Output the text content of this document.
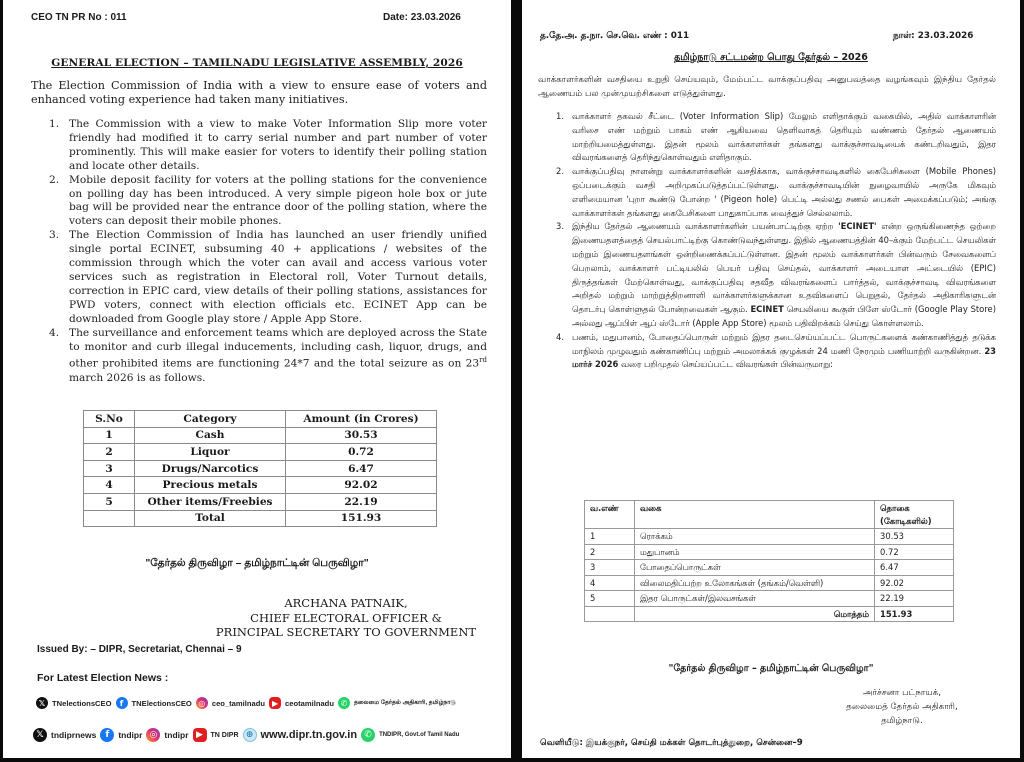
CEO TN PR No : 011	Date: 23.03.2026
GENERAL ELECTION – TAMILNADU LEGISLATIVE ASSEMBLY, 2026

The Election Commission of India with a view to ensure ease of voters and enhanced voting experience had taken many initiatives.

1. The Commission with a view to make Voter Information Slip more voter friendly had modified it to carry serial number and part number of voter prominently. This will make easier for voters to identify their polling station and locate other details.
2. Mobile deposit facility for voters at the polling stations for the convenience on polling day has been introduced. A very simple pigeon hole box or jute bag will be provided near the entrance door of the polling station, where the voters can deposit their mobile phones.
3. The Election Commission of India has launched an user friendly unified single portal ECINET, subsuming 40 + applications / websites of the commission through which the voter can avail and access various voter services such as registration in Electoral roll, Voter Turnout details, correction in EPIC card, view details of their polling stations, assistances for PWD voters, connect with election officials etc. ECINET App can be downloaded from Google play store / Apple App Store.
4. The surveillance and enforcement teams which are deployed across the State to monitor and curb illegal inducements, including cash, liquor, drugs, and other prohibited items are functioning 24*7 and the total seizure as on 23rd march 2026 is as follows.
S.No	Category	Amount (in Crores)
1	Cash	30.53
2	Liquor	0.72
3	Drugs/Narcotics	6.47
4	Precious metals	92.02
5	Other items/Freebies	22.19
	Total	151.93
"தேர்தல் திருவிழா – தமிழ்நாட்டின் பெருவிழா"
ARCHANA PATNAIK,
CHIEF ELECTORAL OFFICER &
PRINCIPAL SECRETARY TO GOVERNMENT
Issued By: – DIPR, Secretariat, Chennai – 9
For Latest Election News :
𝕏 TNelectionsCEO	f	TNElectionsCEO ◎ ceo_tamilnadu ▶ ceotamilnadu ✆	தலைமை தேர்தல் அதிகாரி, தமிழ்நாடு
𝕏 tndiprnews	f	tndipr ◎ tndipr ▶	TN DIPR ⊕ www.dipr.tn.gov.in ✆	TNDIPR, Govt.of Tamil Nadu
த.தே.அ. த.நா. செ.வெ. எண் : 011	நாள்: 23.03.2026
தமிழ்நாடு சட்டமன்ற பொது தேர்தல் – 2026

வாக்காளர்களின் வசதியை உறுதி செய்யவும், மேம்பட்ட வாக்குப்பதிவு அனுபவத்தை வழங்கவும் இந்திய தேர்தல் ஆணையம் பல முன்முயற்சிகளை எடுத்துள்ளது.

1. வாக்காளர் தகவல் சீட்டை (Voter Information Slip) மேலும் எளிதாக்கும் வகையில், அதில் வாக்காளரின் வரிசை எண் மற்றும் பாகம் எண் ஆகியவை தெளிவாகத் தெரியும் வண்ணம் தேர்தல் ஆணையம் மாற்றியமைத்துள்ளது. இதன் மூலம் வாக்காளர்கள் தங்களது வாக்குச்சாவடியைக் கண்டறிவதும், இதர விவரங்களைத் தெரிந்துகொள்வதும் எளிதாகும்.
2. வாக்குப்பதிவு நாளன்று வாக்காளர்களின் வசதிக்காக, வாக்குச்சாவடிகளில் கைபேசிகளை (Mobile Phones) ஒப்படைக்கும் வசதி அறிமுகப்படுத்தப்பட்டுள்ளது. வாக்குச்சாவடியின் நுழைவாயில் அருகே மிகவும் எளிமையான 'புறா கூண்டு போன்ற ' (Pigeon hole) பெட்டி அல்லது சணல் பைகள் அமைக்கப்படும்; அங்கு வாக்காளர்கள் தங்களது கைபேசிகளை பாதுகாப்பாக வைத்துச் செல்லலாம்.
3. இந்திய தேர்தல் ஆணையம் வாக்காளர்களின் பயன்பாட்டிற்கு ஏற்ற 'ECINET' என்ற ஒருங்கிணைந்த ஒற்றை இணையதளத்தைத் செயல்பாட்டிற்கு கொண்டுவந்துள்ளது. இதில் ஆணையத்தின் 40–க்கும் மேற்பட்ட செயலிகள் மற்றும் இணையதளங்கள் ஒன்றிணைக்கப்பட்டுள்ளன. இதன் மூலம் வாக்காளர்கள் பின்வரும் சேவைகளைப் பெறலாம், வாக்காளர் பட்டியலில் பெயர் பதிவு செய்தல், வாக்காளர் அடையாள அட்டையில் (EPIC) திருத்தங்கள் மேற்கொள்வது, வாக்குப்பதிவு சதவீத விவரங்களைப் பார்த்தல், வாக்குச்சாவடி விவரங்களை அறிதல் மற்றும் மாற்றுத்திறனாளி வாக்காளர்களுக்கான உதவிகளைப் பெறுதல், தேர்தல் அதிகாரிகளுடன் தொடர்பு கொள்ளுதல் போன்றவைகள் ஆகும். ECINET செயலியை கூகுள் பிளே ஸ்டோர் (Google Play Store) அல்லது ஆப்பிள் ஆப் ஸ்டோர் (Apple App Store) மூலம் பதிவிறக்கம் செய்து கொள்ளலாம்.
4. பணம், மதுபானம், போதைப்பொருள் மற்றும் இதர தடைசெய்யப்பட்ட பொருட்களைக் கண்காணித்துத் தடுக்க மாநிலம் முழுவதும் கண்காணிப்பு மற்றும் அமலாக்கக் குழுக்கள் 24 மணி நேரமும் பணியாற்றி வருகின்றன. 23 மார்ச் 2026 வரை பறிமுதல் செய்யப்பட்ட விவரங்கள் பின்வருமாறு:
வ.எண்	வகை	தொகை (கோடிகளில்)
1	ரொக்கம்	30.53
2	மதுபானம்	0.72
3	போதைப்பொருட்கள்	6.47
4	விலைமதிப்பற்ற உலோகங்கள் (தங்கம்/வெள்ளி)	92.02
5	இதர பொருட்கள்/இலவசங்கள்	22.19
	மொத்தம்	151.93
"தேர்தல் திருவிழா – தமிழ்நாட்டின் பெருவிழா"
அர்ச்சனா பட்நாயக்,
தலைமைத் தேர்தல் அதிகாரி,
தமிழ்நாடு.
வெளியீடு: இயக்குநர், செய்தி மக்கள் தொடர்புத்துறை, சென்னை–9
